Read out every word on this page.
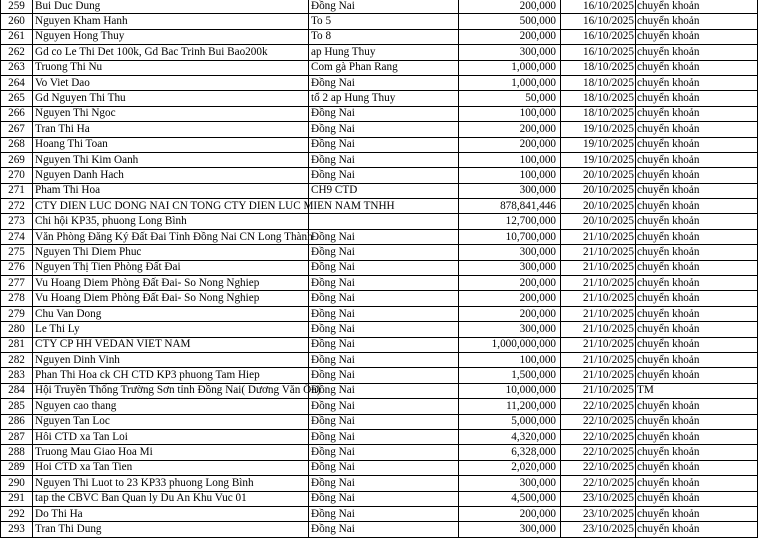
259	Bui Duc Dung	Đồng Nai	200,000	16/10/2025	chuyển khoản
260	Nguyen Kham Hanh	To 5	500,000	16/10/2025	chuyển khoản
261	Nguyen Hong Thuy	To 8	200,000	16/10/2025	chuyển khoản
262	Gd co Le Thi Det 100k, Gd Bac Trinh Bui Bao200k	ap Hung Thuy	300,000	16/10/2025	chuyển khoản
263	Truong Thi Nu	Com gà Phan Rang	1,000,000	18/10/2025	chuyển khoản
264	Vo Viet Dao	Đồng Nai	1,000,000	18/10/2025	chuyển khoản
265	Gd Nguyen Thi Thu	tổ 2 ap Hung Thuy	50,000	18/10/2025	chuyển khoản
266	Nguyen Thi Ngoc	Đồng Nai	100,000	18/10/2025	chuyển khoản
267	Tran Thi Ha	Đồng Nai	200,000	19/10/2025	chuyển khoản
268	Hoang Thi Toan	Đồng Nai	200,000	19/10/2025	chuyển khoản
269	Nguyen Thi Kim Oanh	Đồng Nai	100,000	19/10/2025	chuyển khoản
270	Nguyen Danh Hach	Đồng Nai	100,000	20/10/2025	chuyển khoản
271	Pham Thi Hoa	CH9 CTD	300,000	20/10/2025	chuyển khoản
272	CTY DIEN LUC DONG NAI CN TONG CTY DIEN LUC MIEN NAM TNHH		878,841,446	20/10/2025	chuyển khoản
273	Chi hội KP35, phuong Long Bình		12,700,000	20/10/2025	chuyển khoản
274	Văn Phòng Đăng Ký Đất Đai Tỉnh Đồng Nai CN Long Thành	Đồng Nai	10,700,000	21/10/2025	chuyển khoản
275	Nguyen Thi Diem Phuc	Đồng Nai	300,000	21/10/2025	chuyển khoản
276	Nguyen Thị Tien Phòng Đất Đai	Đồng Nai	300,000	21/10/2025	chuyển khoản
277	Vu Hoang Diem Phòng Đất Đai- So Nong Nghiep	Đồng Nai	200,000	21/10/2025	chuyển khoản
278	Vu Hoang Diem Phòng Đất Đai- So Nong Nghiep	Đồng Nai	200,000	21/10/2025	chuyển khoản
279	Chu Van Dong	Đồng Nai	200,000	21/10/2025	chuyển khoản
280	Le Thi Ly	Đồng Nai	300,000	21/10/2025	chuyển khoản
281	CTY CP HH VEDAN VIET NAM	Đồng Nai	1,000,000,000	21/10/2025	chuyển khoản
282	Nguyen Dinh Vinh	Đồng Nai	100,000	21/10/2025	chuyển khoản
283	Phan Thi Hoa ck CH CTD KP3 phuong Tam Hiep	Đồng Nai	1,500,000	21/10/2025	chuyển khoản
284	Hội Truyền Thống Trường Sơn tỉnh Đồng Nai( Dương Văn Ổn)	Đồng Nai	10,000,000	21/10/2025	TM
285	Nguyen cao thang	Đồng Nai	11,200,000	22/10/2025	chuyển khoản
286	Nguyen Tan Loc	Đồng Nai	5,000,000	22/10/2025	chuyển khoản
287	Hôi CTD xa Tan Loi	Đồng Nai	4,320,000	22/10/2025	chuyển khoản
288	Truong Mau Giao Hoa Mi	Đồng Nai	6,328,000	22/10/2025	chuyển khoản
289	Hoi CTD xa Tan Tien	Đồng Nai	2,020,000	22/10/2025	chuyển khoản
290	Nguyen Thi Luot to 23 KP33 phuong Long Bình	Đồng Nai	300,000	22/10/2025	chuyển khoản
291	tap the CBVC Ban Quan ly Du An Khu Vuc 01	Đồng Nai	4,500,000	23/10/2025	chuyển khoản
292	Do Thi Ha	Đồng Nai	200,000	23/10/2025	chuyển khoản
293	Tran Thi Dung	Đồng Nai	300,000	23/10/2025	chuyển khoản
